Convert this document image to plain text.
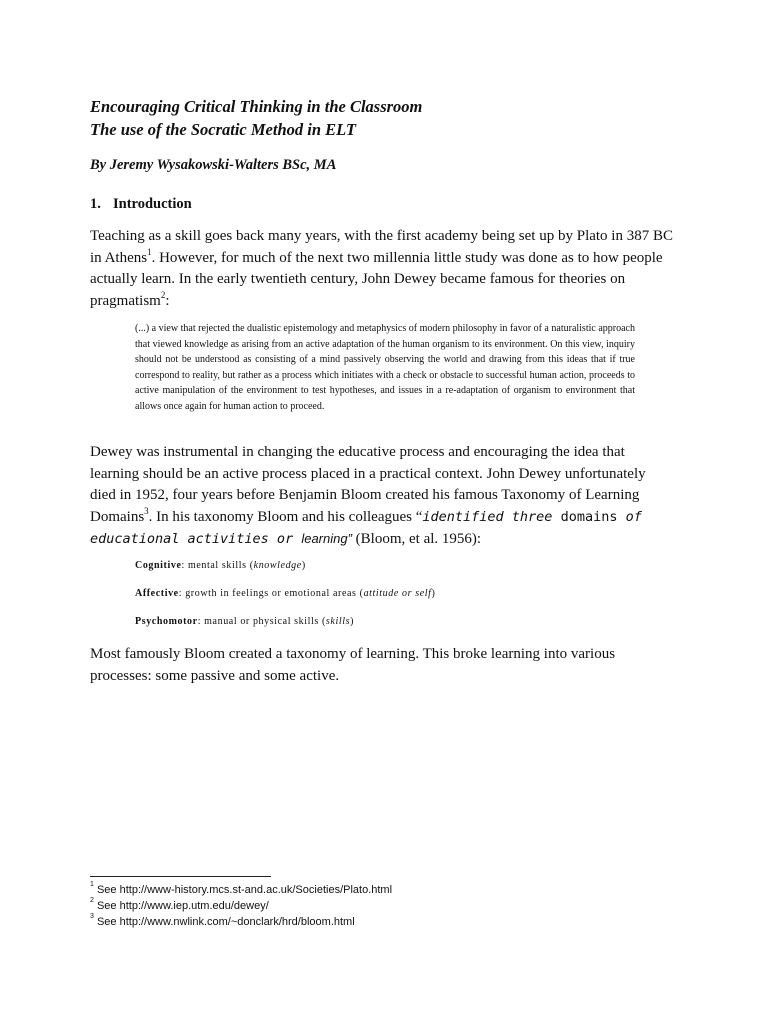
Encouraging Critical Thinking in the Classroom
The use of the Socratic Method in ELT
By Jeremy Wysakowski-Walters BSc, MA
1. Introduction
Teaching as a skill goes back many years, with the first academy being set up by Plato in 387 BC
in Athens$^1$. However, for much of the next two millennia little study was done as to how people
actually learn. In the early twentieth century, John Dewey became famous for theories on
pragmatism$^2$:
(...) a view that rejected the dualistic epistemology and metaphysics of modern philosophy in favor of a naturalistic approach that viewed knowledge as arising from an active adaptation of the human organism to its environment. On this view, inquiry should not be understood as consisting of a mind passively observing the world and drawing from this ideas that if true correspond to reality, but rather as a process which initiates with a check or obstacle to successful human action, proceeds to active manipulation of the environment to test hypotheses, and issues in a re-adaptation of organism to environment that allows once again for human action to proceed.
Dewey was instrumental in changing the educative process and encouraging the idea that
learning should be an active process placed in a practical context. John Dewey unfortunately
died in 1952, four years before Benjamin Bloom created his famous Taxonomy of Learning
Domains$^3$. In his taxonomy Bloom and his colleagues “identified three domains of
educational activities or learning” (Bloom, et al. 1956):
Cognitive: mental skills (knowledge)
Affective: growth in feelings or emotional areas (attitude or self)
Psychomotor: manual or physical skills (skills)
Most famously Bloom created a taxonomy of learning. This broke learning into various
processes: some passive and some active.
$^1$ See http://www-history.mcs.st-and.ac.uk/Societies/Plato.html
$^2$ See http://www.iep.utm.edu/dewey/
$^3$ See http://www.nwlink.com/~donclark/hrd/bloom.html
